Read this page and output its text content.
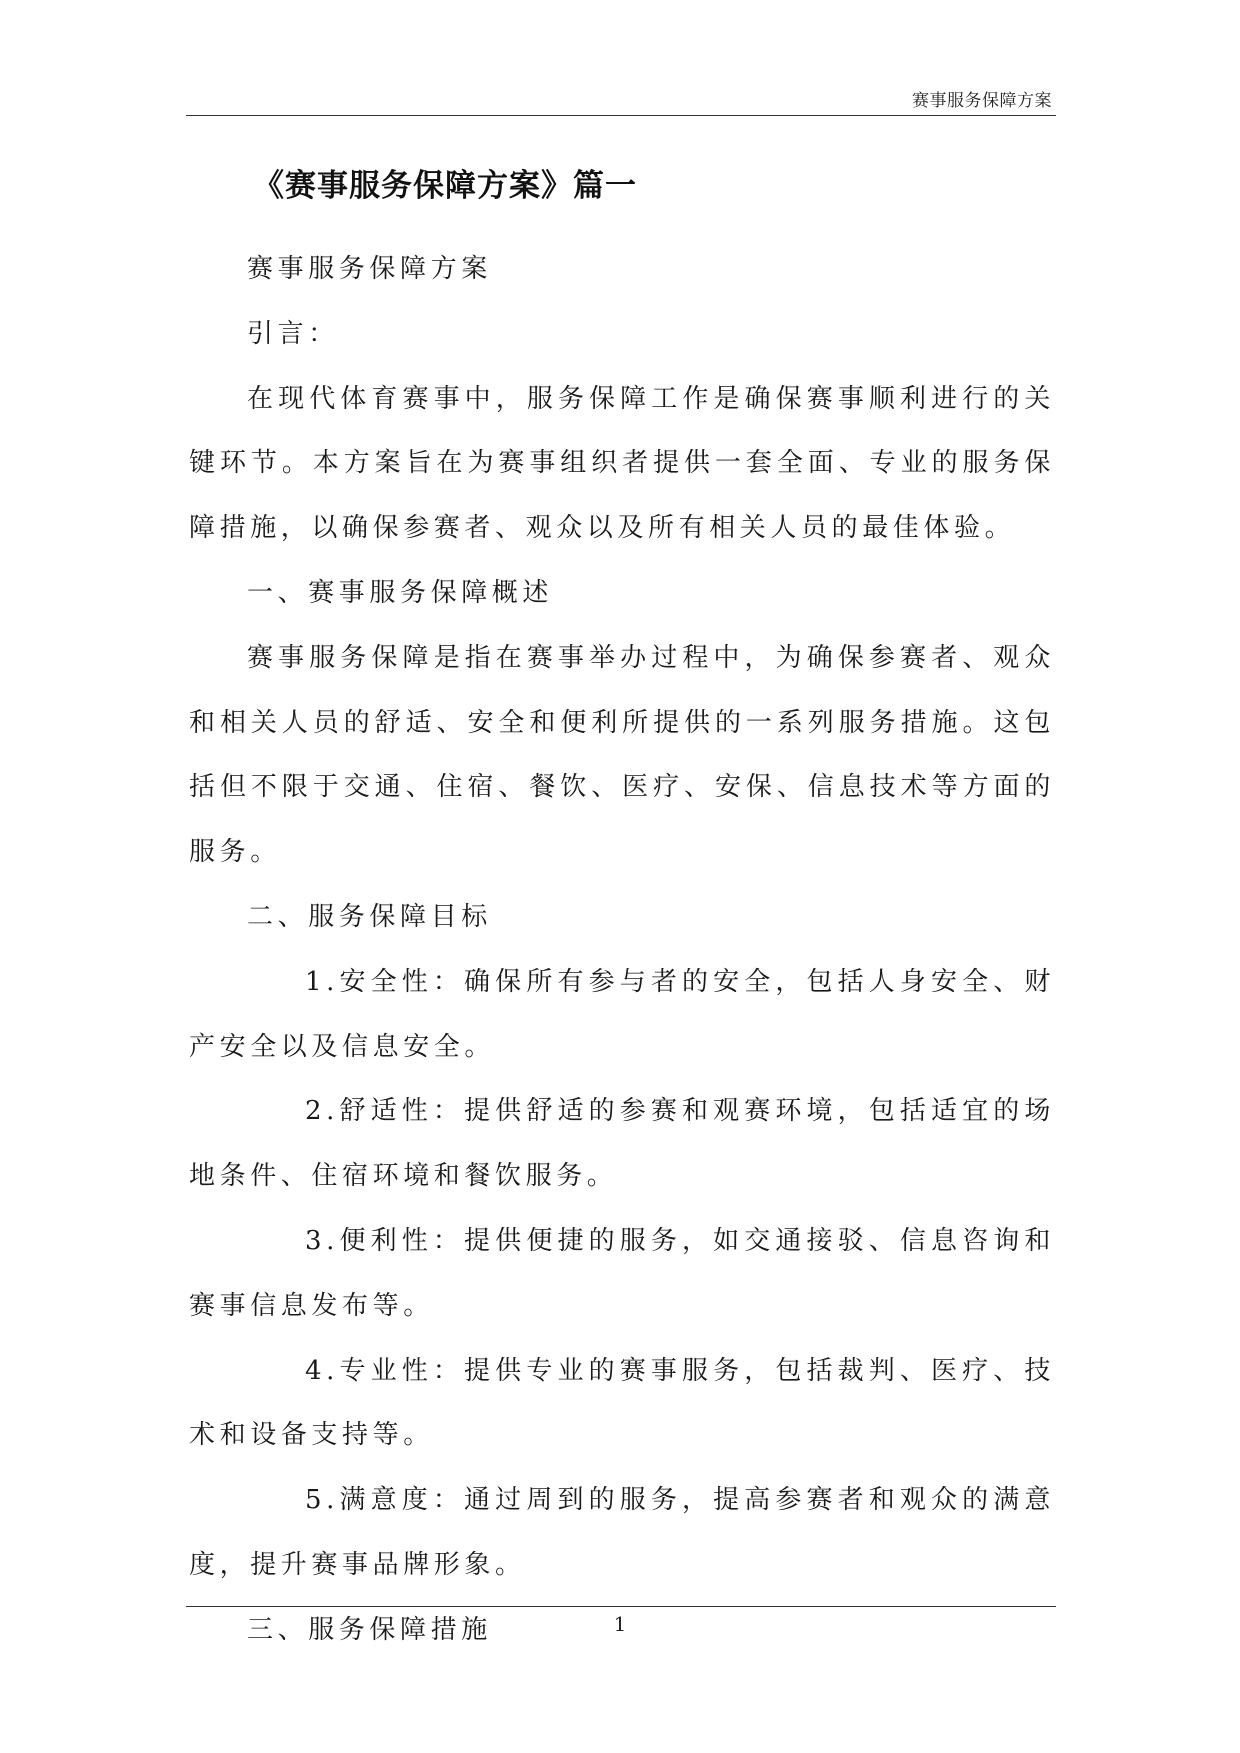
赛事服务保障方案
《赛事服务保障方案》篇一

赛事服务保障方案

引言：

在现代体育赛事中，服务保障工作是确保赛事顺利进行的关键环节。本方案旨在为赛事组织者提供一套全面、专业的服务保障措施，以确保参赛者、观众以及所有相关人员的最佳体验。

一、赛事服务保障概述

赛事服务保障是指在赛事举办过程中，为确保参赛者、观众和相关人员的舒适、安全和便利所提供的一系列服务措施。这包括但不限于交通、住宿、餐饮、医疗、安保、信息技术等方面的服务。

二、服务保障目标

1.安全性：确保所有参与者的安全，包括人身安全、财产安全以及信息安全。

2.舒适性：提供舒适的参赛和观赛环境，包括适宜的场地条件、住宿环境和餐饮服务。

3.便利性：提供便捷的服务，如交通接驳、信息咨询和赛事信息发布等。

4.专业性：提供专业的赛事服务，包括裁判、医疗、技术和设备支持等。

5.满意度：通过周到的服务，提高参赛者和观众的满意度，提升赛事品牌形象。

三、服务保障措施	1
